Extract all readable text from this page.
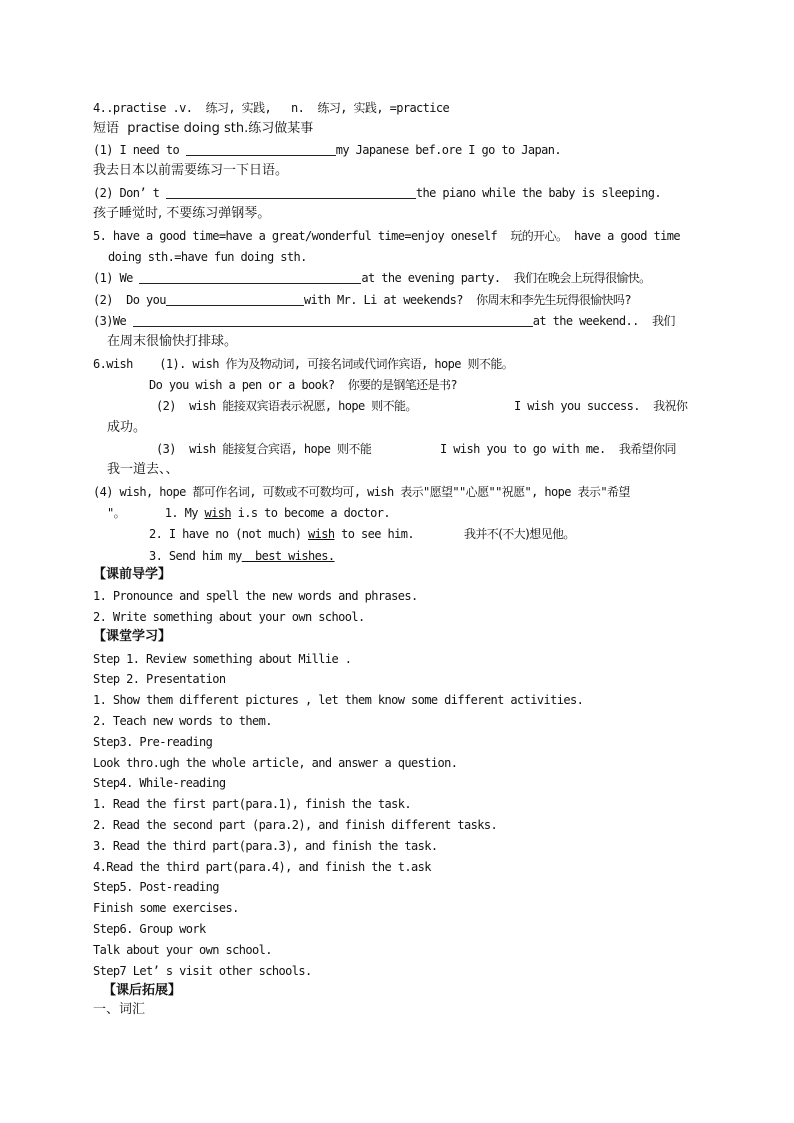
4..practise .v.  练习, 实践,   n.  练习, 实践, =practice
短语  practise doing sth.练习做某事
(1) I need to	my Japanese bef.ore I go to Japan.
我去日本以前需要练习一下日语。
(2) Don’ t	the piano while the baby is sleeping.
孩子睡觉时, 不要练习弹钢琴。
5. have a good time=have a great/wonderful time=enjoy oneself  玩的开心。 have a good time
doing sth.=have fun doing sth.
(1) We	at the evening party.  我们在晚会上玩得很愉快。
(2)  Do you	with Mr. Li at weekends?  你周末和李先生玩得很愉快吗?
(3)We	at the weekend..  我们
在周末很愉快打排球。
6.wish    (1). wish 作为及物动词, 可接名词或代词作宾语, hope 则不能。
Do you wish a pen or a book?  你要的是钢笔还是书?
(2)  wish 能接双宾语表示祝愿, hope 则不能。	I wish you success.  我祝你
成功。
(3)  wish 能接复合宾语, hope 则不能	I wish you to go with me.  我希望你同
我一道去、、
(4) wish, hope 都可作名词, 可数或不可数均可, wish 表示"愿望""心愿""祝愿", hope 表示"希望
"。      1. My wish i.s to become a doctor.
2. I have no (not much) wish to see him.	我并不(不大)想见他。
3. Send him my  best wishes.
【课前导学】
1. Pronounce and spell the new words and phrases.
2. Write something about your own school.
【课堂学习】
Step 1. Review something about Millie .
Step 2. Presentation
1. Show them different pictures , let them know some different activities.
2. Teach new words to them.
Step3. Pre-reading
Look thro.ugh the whole article, and answer a question.
Step4. While-reading
1. Read the first part(para.1), finish the task.
2. Read the second part (para.2), and finish different tasks.
3. Read the third part(para.3), and finish the task.
4.Read the third part(para.4), and finish the t.ask
Step5. Post-reading
Finish some exercises.
Step6. Group work
Talk about your own school.
Step7 Let’ s visit other schools.
【课后拓展】
一、词汇
